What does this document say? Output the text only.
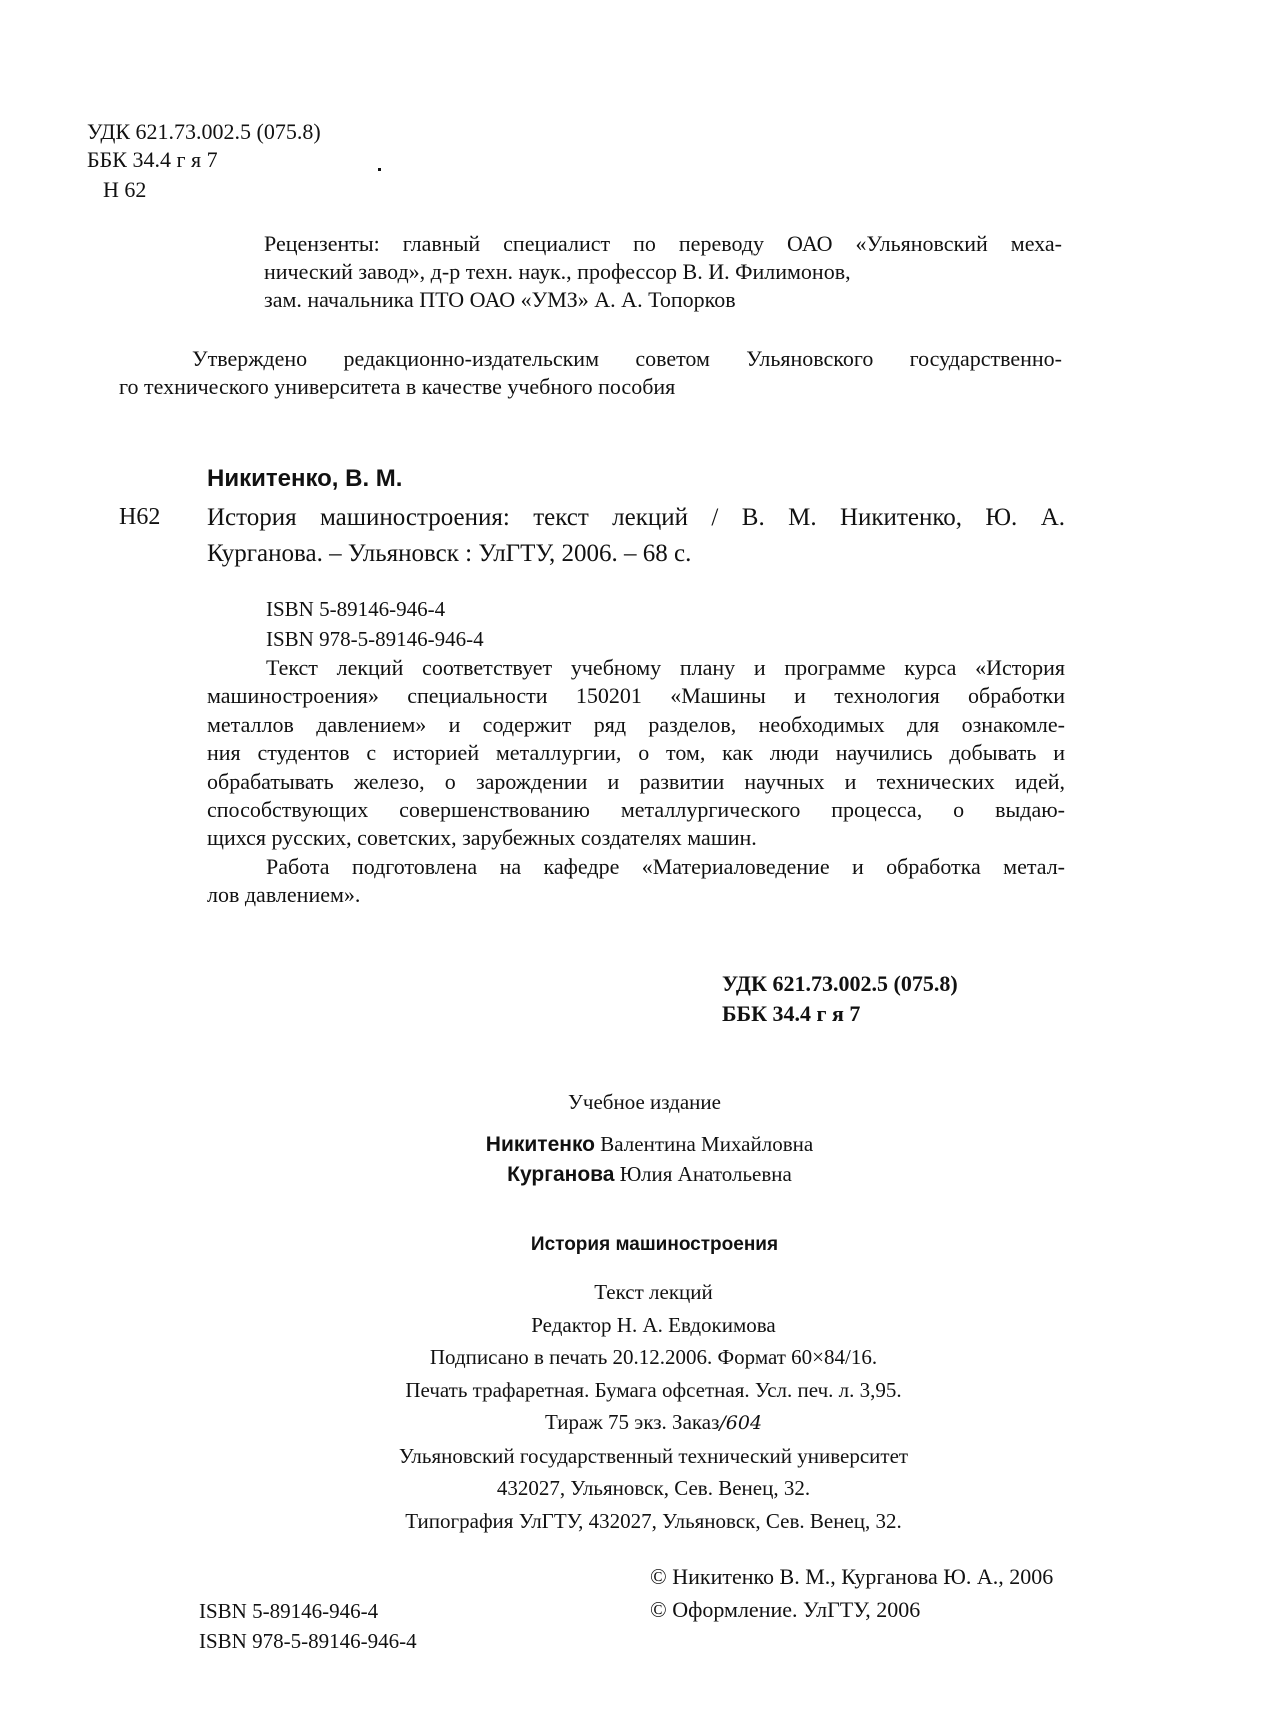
УДК 621.73.002.5 (075.8)
ББК 34.4 г я 7
Н 62
Рецензенты: главный специалист по переводу ОАО «Ульяновский меха-
нический завод», д-р техн. наук., профессор В. И. Филимонов,
зам. начальника ПТО ОАО «УМЗ» А. А. Топорков
Утверждено редакционно-издательским советом Ульяновского государственно-
го технического университета в качестве учебного пособия
Никитенко, В. М.
Н62 История машиностроения: текст лекций / В. М. Никитенко, Ю. А.
Курганова. – Ульяновск : УлГТУ, 2006. – 68 с.
ISBN 5-89146-946-4
ISBN 978-5-89146-946-4
Текст лекций соответствует учебному плану и программе курса «История
машиностроения» специальности 150201 «Машины и технология обработки
металлов давлением» и содержит ряд разделов, необходимых для ознакомле-
ния студентов с историей металлургии, о том, как люди научились добывать и
обрабатывать железо, о зарождении и развитии научных и технических идей,
способствующих совершенствованию металлургического процесса, о выдаю-
щихся русских, советских, зарубежных создателях машин.
Работа подготовлена на кафедре «Материаловедение и обработка метал-
лов давлением».
УДК 621.73.002.5 (075.8)
ББК 34.4 г я 7
Учебное издание
Никитенко Валентина Михайловна
Курганова Юлия Анатольевна
История машиностроения
Текст лекций
Редактор Н. А. Евдокимова
Подписано в печать 20.12.2006. Формат 60×84/16.
Печать трафаретная. Бумага офсетная. Усл. печ. л. 3,95.
Тираж 75 экз. Заказ/604
Ульяновский государственный технический университет
432027, Ульяновск, Сев. Венец, 32.
Типография УлГТУ, 432027, Ульяновск, Сев. Венец, 32.
ISBN 5-89146-946-4
ISBN 978-5-89146-946-4
© Никитенко В. М., Курганова Ю. А., 2006
© Оформление. УлГТУ, 2006
